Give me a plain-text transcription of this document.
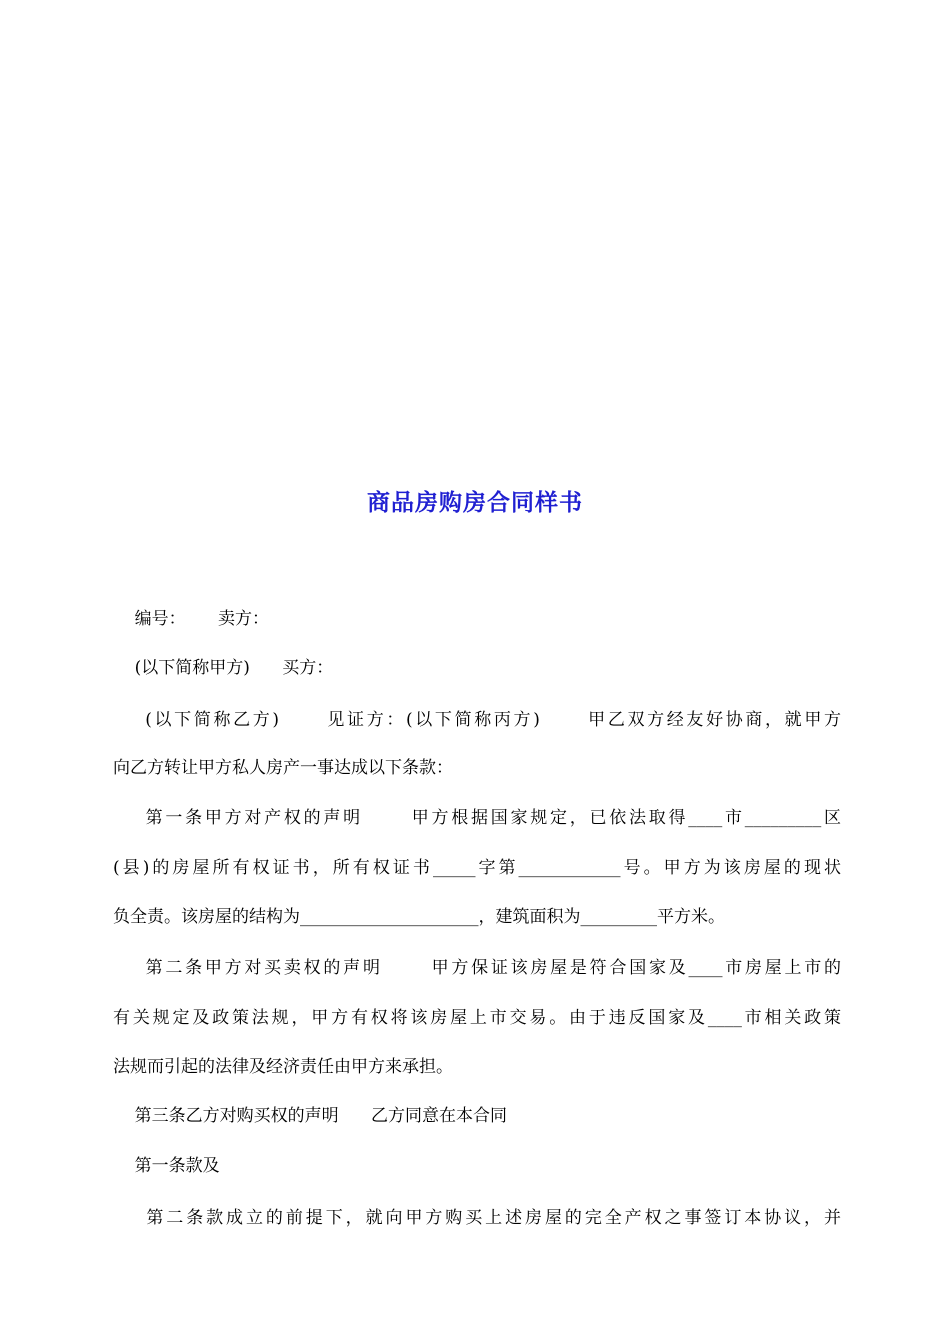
商品房购房合同样书
编号：      卖方：
(以下简称甲方)      买方：
(以下简称乙方)      见证方：(以下简称丙方)      甲乙双方经友好协商，就甲方
向乙方转让甲方私人房产一事达成以下条款：
第一条甲方对产权的声明      甲方根据国家规定，已依法取得____市_________区
(县)的房屋所有权证书，所有权证书_____字第____________号。甲方为该房屋的现状
负全责。该房屋的结构为_____________________，建筑面积为_________平方米。
第二条甲方对买卖权的声明      甲方保证该房屋是符合国家及____市房屋上市的
有关规定及政策法规，甲方有权将该房屋上市交易。由于违反国家及____市相关政策
法规而引起的法律及经济责任由甲方来承担。
第三条乙方对购买权的声明      乙方同意在本合同
第一条款及
第二条款成立的前提下，就向甲方购买上述房屋的完全产权之事签订本协议，并
